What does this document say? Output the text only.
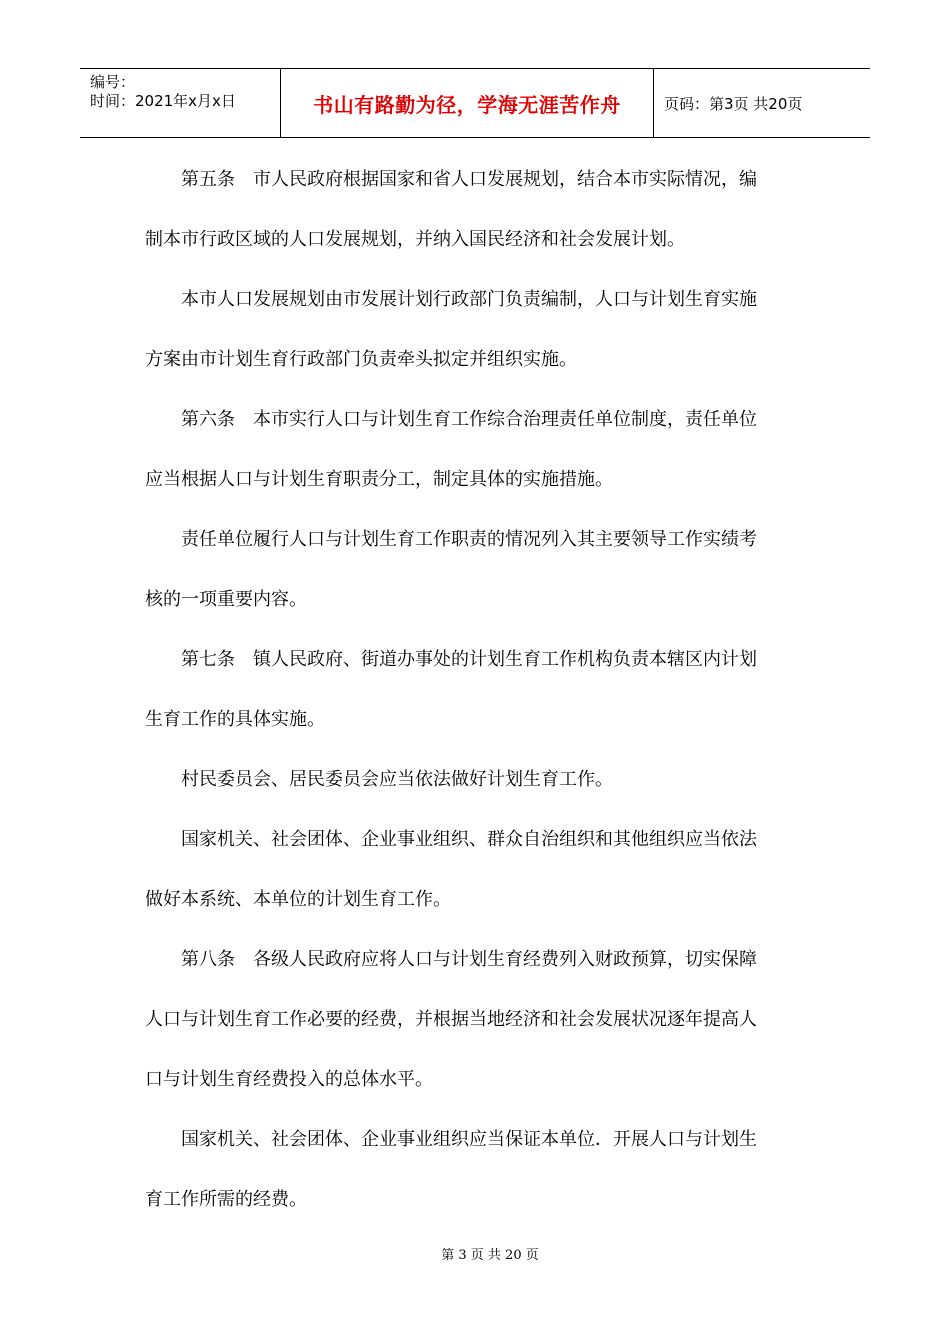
编号：
时间：2021年x月x日	书山有路勤为径，学海无涯苦作舟	页码：第3页 共20页

第五条　市人民政府根据国家和省人口发展规划，结合本市实际情况，编

制本市行政区域的人口发展规划，并纳入国民经济和社会发展计划。

本市人口发展规划由市发展计划行政部门负责编制，人口与计划生育实施

方案由市计划生育行政部门负责牵头拟定并组织实施。

第六条　本市实行人口与计划生育工作综合治理责任单位制度，责任单位

应当根据人口与计划生育职责分工，制定具体的实施措施。

责任单位履行人口与计划生育工作职责的情况列入其主要领导工作实绩考

核的一项重要内容。

第七条　镇人民政府、街道办事处的计划生育工作机构负责本辖区内计划

生育工作的具体实施。

村民委员会、居民委员会应当依法做好计划生育工作。

国家机关、社会团体、企业事业组织、群众自治组织和其他组织应当依法

做好本系统、本单位的计划生育工作。

第八条　各级人民政府应将人口与计划生育经费列入财政预算，切实保障

人口与计划生育工作必要的经费，并根据当地经济和社会发展状况逐年提高人

口与计划生育经费投入的总体水平。

国家机关、社会团体、企业事业组织应当保证本单位．开展人口与计划生

育工作所需的经费。

第 3 页 共 20 页
